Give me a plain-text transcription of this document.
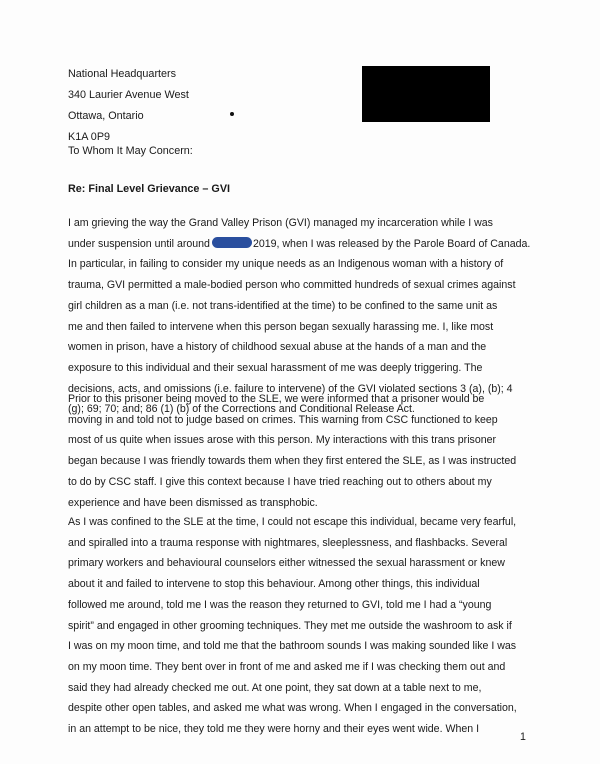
National Headquarters
340 Laurier Avenue West
Ottawa, Ontario
K1A 0P9
To Whom It May Concern:
Re: Final Level Grievance – GVI
I am grieving the way the Grand Valley Prison (GVI) managed my incarceration while I was
under suspension until around	2019, when I was released by the Parole Board of Canada.
In particular, in failing to consider my unique needs as an Indigenous woman with a history of
trauma, GVI permitted a male-bodied person who committed hundreds of sexual crimes against
girl children as a man (i.e. not trans-identified at the time) to be confined to the same unit as
me and then failed to intervene when this person began sexually harassing me. I, like most
women in prison, have a history of childhood sexual abuse at the hands of a man and the
exposure to this individual and their sexual harassment of me was deeply triggering. The
decisions, acts, and omissions (i.e. failure to intervene) of the GVI violated sections 3 (a), (b); 4
(g); 69; 70; and; 86 (1) (b) of the Corrections and Conditional Release Act.
Prior to this prisoner being moved to the SLE, we were informed that a prisoner would be
moving in and told not to judge based on crimes. This warning from CSC functioned to keep
most of us quite when issues arose with this person. My interactions with this trans prisoner
began because I was friendly towards them when they first entered the SLE, as I was instructed
to do by CSC staff. I give this context because I have tried reaching out to others about my
experience and have been dismissed as transphobic.
As I was confined to the SLE at the time, I could not escape this individual, became very fearful,
and spiralled into a trauma response with nightmares, sleeplessness, and flashbacks. Several
primary workers and behavioural counselors either witnessed the sexual harassment or knew
about it and failed to intervene to stop this behaviour. Among other things, this individual
followed me around, told me I was the reason they returned to GVI, told me I had a “young
spirit” and engaged in other grooming techniques. They met me outside the washroom to ask if
I was on my moon time, and told me that the bathroom sounds I was making sounded like I was
on my moon time. They bent over in front of me and asked me if I was checking them out and
said they had already checked me out. At one point, they sat down at a table next to me,
despite other open tables, and asked me what was wrong. When I engaged in the conversation,
in an attempt to be nice, they told me they were horny and their eyes went wide. When I
1
